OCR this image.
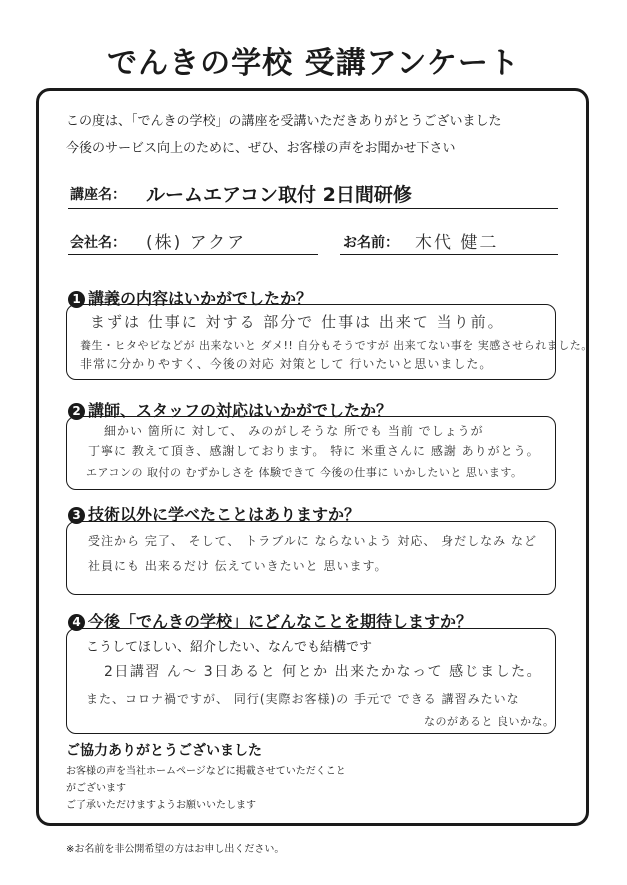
でんきの学校 受講アンケート
この度は、「でんきの学校」の講座を受講いただきありがとうございました
今後のサービス向上のために、ぜひ、お客様の声をお聞かせ下さい
講座名： ルームエアコン取付 2日間研修
会社名： (株) アクア	お名前： 木代 健二
1 講義の内容はいかがでしたか？
まずは 仕事に 対する 部分で 仕事は 出来て 当り前。
養生・ヒタやビなどが 出来ないと ダメ!! 自分もそうですが 出来てない事を 実感させられました。
非常に分かりやすく、今後の対応 対策として 行いたいと思いました。
2 講師、スタッフの対応はいかがでしたか？
細かい 箇所に 対して、 みのがしそうな 所でも 当前 でしょうが
丁寧に 教えて頂き、感謝しております。 特に 米重さんに 感謝 ありがとう。
エアコンの 取付の むずかしさを 体験できて 今後の仕事に いかしたいと 思います。
3 技術以外に学べたことはありますか？
受注から 完了、 そして、 トラブルに ならないよう 対応、 身だしなみ など
社員にも 出来るだけ 伝えていきたいと 思います。
4 今後「でんきの学校」にどんなことを期待しますか？
こうしてほしい、紹介したい、なんでも結構です
2日講習 ん～ 3日あると 何とか 出来たかなって 感じました。
また、コロナ禍ですが、 同行(実際お客様)の 手元で できる 講習みたいな
なのがあると 良いかな。
ご協力ありがとうございました
お客様の声を当社ホームページなどに掲載させていただくこと
がございます
ご了承いただけますようお願いいたします
※お名前を非公開希望の方はお申し出ください。
